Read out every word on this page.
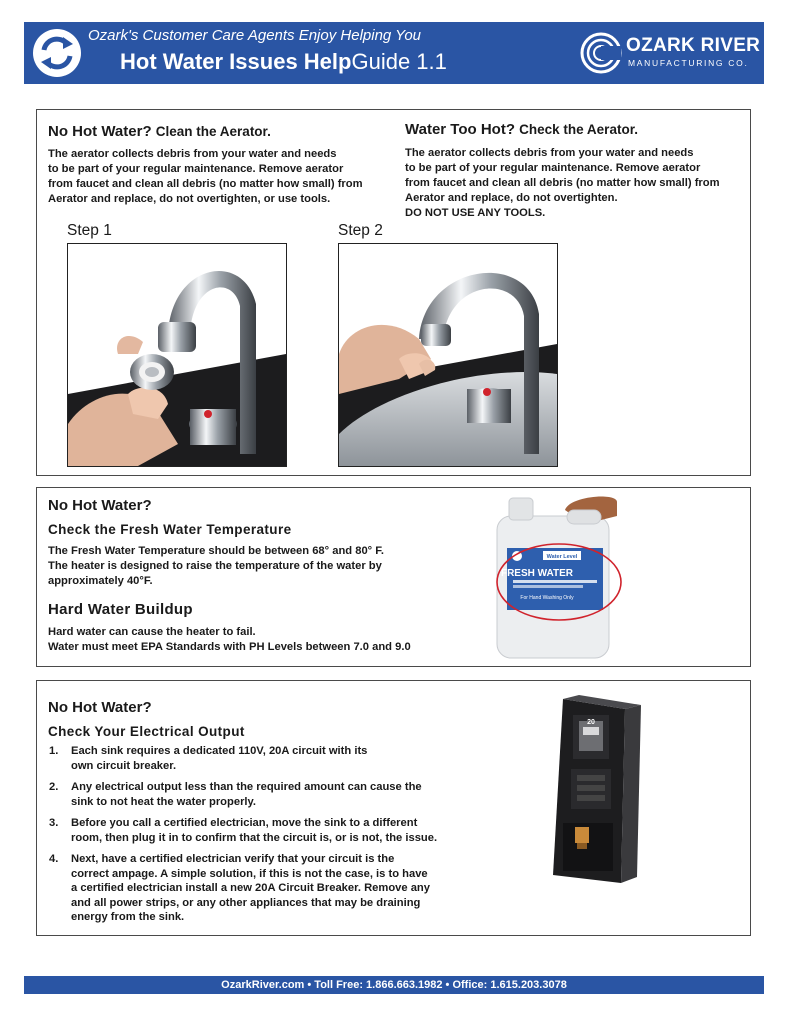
Ozark's Customer Care Agents Enjoy Helping You
Hot Water Issues HelpGuide 1.1
OZARK RIVER
MANUFACTURING CO.
No Hot Water? Clean the Aerator.
The aerator collects debris from your water and needs
to be part of your regular maintenance. Remove aerator
from faucet and clean all debris (no matter how small) from
Aerator and replace, do not overtighten, or use tools.
Water Too Hot? Check the Aerator.
The aerator collects debris from your water and needs
to be part of your regular maintenance. Remove aerator
from faucet and clean all debris (no matter how small) from
Aerator and replace, do not overtighten.
DO NOT USE ANY TOOLS.
Step 1	Step 2
No Hot Water?
Check the Fresh Water Temperature
The Fresh Water Temperature should be between 68° and 80° F.
The heater is designed to raise the temperature of the water by
approximately 40°F.
Hard Water Buildup
Hard water can cause the heater to fail.
Water must meet EPA Standards with PH Levels between 7.0 and 9.0
Water Level
FRESH WATER
For Hand Washing Only
No Hot Water?
Check Your Electrical Output
1. Each sink requires a dedicated 110V, 20A circuit with its
own circuit breaker.
2. Any electrical output less than the required amount can cause the
sink to not heat the water properly.
3. Before you call a certified electrician, move the sink to a different
room, then plug it in to confirm that the circuit is, or is not, the issue.
4. Next, have a certified electrician verify that your circuit is the
correct ampage. A simple solution, if this is not the case, is to have
a certified electrician install a new 20A Circuit Breaker. Remove any
and all power strips, or any other appliances that may be draining
energy from the sink.
20
OzarkRiver.com • Toll Free: 1.866.663.1982 • Office: 1.615.203.3078
